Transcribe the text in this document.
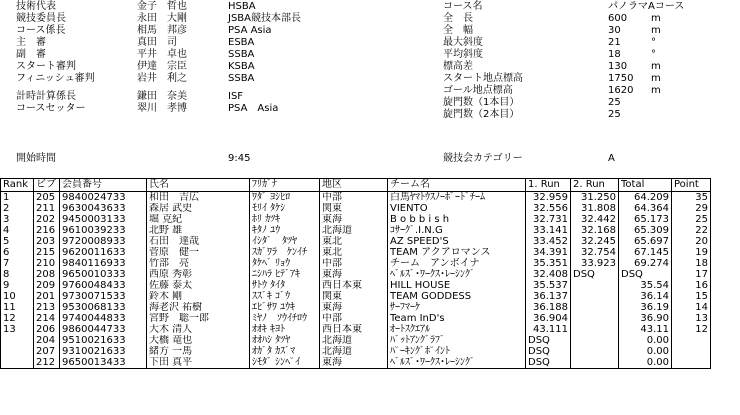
技術代表	金子　哲也	HSBA
競技委員長	永田　大剛	JSBA競技本部長
コース係長	相馬　邦彦	PSA Asia
主　審	真田　司	ESBA
副　審	平井　卓也	SSBA
スタート審判	伊達　宗臣	KSBA
フィニッシュ審判	岩井　利之	SSBA
計時計算係長	鎌田　奈美	ISF
コースセッター	翠川　孝博	PSA　Asia
コース名	パノラマAコース
全　長	600 m
全　幅	30	m
最大斜度	21	°
平均斜度	18	°
標高差	130 m
スタート地点標高	1750 m
ゴール地点標高	1620 m
旋門数（1本目）	25
旋門数（2本目）	25
開始時間	9:45	競技会カテゴリー	A
Rank	ビブ	会員番号	氏名	ﾌﾘｶﾞﾅ	地区	チーム名	1. Run	2. Run	Total	Point
1	205	9840024733	和田　吉広	ﾜﾀﾞ ﾖｼﾋﾛ	中部	白馬ﾔﾏﾄｳｽﾉｰﾎﾞｰﾄﾞﾁｰﾑ	32.959	31.250	64.209	35
2	211	9630043633	森居 武史	ﾓﾘｲ ﾀｹｼ	関東	VIENTO	32.556	31.808	64.364	29
3	202	9450003133	堀 克紀	ﾎﾘ ｶﾂｷ	東海	B o b b i s h	32.731	32.442	65.173	25
4	216	9610039233	北野 雄	ｷﾀﾉ ﾕｳ	北海道	ｺｻｰｸﾞ.I.N.G	33.141	32.168	65.309	22
5	203	9720008933	石田　達哉	ｲｼﾀﾞ　ﾀﾂﾔ	東北	AZ SPEED'S	33.452	32.245	65.697	20
6	215	9620011633	菅原　健一	ｽｶﾞﾜﾗ　ｹﾝｲﾁ	東北	TEAM アクアロマンス	34.391	32.754	67.145	19
7	210	9840116933	竹部　亮	ﾀｹﾍﾞ ﾘｮｳ	中部	チーム　アンボイナ	35.351	33.923	69.274	18
8	208	9650010333	西原 秀彰	ﾆｼﾊﾗ ﾋﾃﾞｱｷ	東海	ﾍﾞﾙｽﾞ･ﾜｰｸｽ･ﾚｰｼﾝｸﾞ	32.408	DSQ	DSQ	17
9	209	9760048433	佐藤 泰太	ｻﾄｳ ﾀｲﾀ	西日本東	HILL HOUSE	35.537		35.54	16
10	201	9730071533	鈴木 剛	ｽｽﾞｷ ｺﾞｳ	関東	TEAM GODDESS	36.137		36.14	15
11	213	9530068133	海老沢 祐樹	ｴﾋﾞｻﾜ ﾕｳｷ	東海	ｻｰﾌﾏｰｹ	36.188		36.19	14
12	214	9740044833	宮野　聡一郎	ﾐﾔﾉ　ｿｳｲﾁﾛｳ	中部	Team InD's	36.904		36.90	13
13	206	9860044733	大木 清人	ｵｵｷ ｷﾖﾄ	西日本東	ｵｰﾄｽｸｴｱﾙ	43.111		43.11	12
	204	9510021633	大橋 竜也	ｵｵﾊｼ ﾀﾂﾔ	北海道	ﾊﾞｯﾄｱﾝｸﾞﾗﾌﾞ	DSQ		0.00	
	207	9310021633	緒方 一馬	ｵｶﾞﾀ ｶｽﾞﾏ	北海道	ﾊﾟｰｷﾝｸﾞﾎﾟｲﾝﾄ	DSQ		0.00	
	212	9650013433	下田 真平	ｼﾓﾀﾞ ｼﾝﾍﾟｲ	東海	ﾍﾞﾙｽﾞ･ﾜｰｸｽ･ﾚｰｼﾝｸﾞ	DSQ		0.00	
